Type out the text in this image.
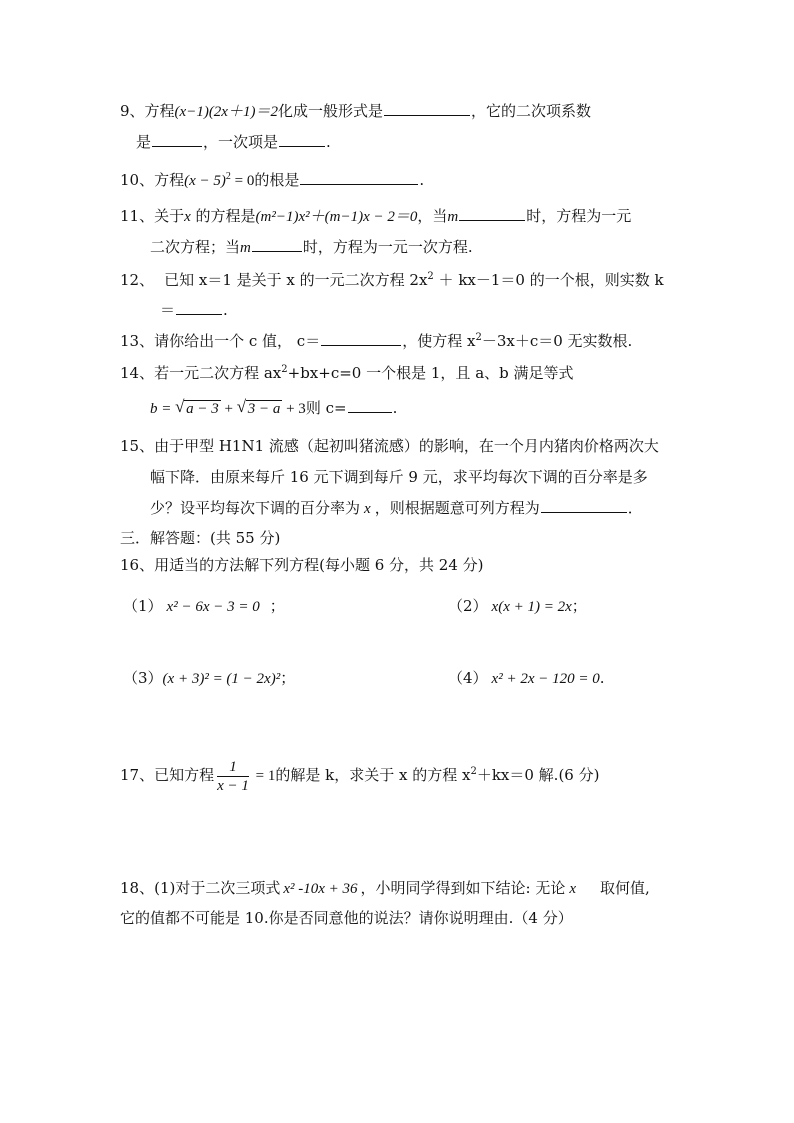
9、方程(x−1)(2x＋1)＝2化成一般形式是	，它的二次项系数
是	，一次项是	.
10、方程$(x - 5)^2 = 0$的根是	.
11、关于x 的方程是(m²−1)x²＋(m−1)x − 2＝0，当m	时，方程为一元
二次方程；当m	时，方程为一元一次方程.
12、 已知 x＝1 是关于 x 的一元二次方程 $2x^2 + kx-1=0$ 的一个根，则实数 k
＝	.
13、请你给出一个 c 值， c＝	，使方程 $x^2-3x+c=0$ 无实数根.
14、若一元二次方程 $ax^2+bx+c=0$ 一个根是 1，且 a、b 满足等式
b = √ a − 3 + √ 3 − a + 3则 c=	.
15、由于甲型 H1N1 流感（起初叫猪流感）的影响，在一个月内猪肉价格两次大
幅下降．由原来每斤 16 元下调到每斤 9 元，求平均每次下调的百分率是多
少？设平均每次下调的百分率为 x ，则根据题意可列方程为	．
三．解答题：(共 55 分)
16、用适当的方法解下列方程(每小题 6 分，共 24 分)
（1） x² − 6x − 3 = 0 ；	（2） x(x + 1) = 2x；
（3）(x + 3)² = (1 − 2x)²；	（4） x² + 2x − 120 = 0.
17、已知方程 $\frac{1}{x - 1} = 1$的解是 k，求关于 x 的方程 $x^2+kx=0$ 解.(6 分)
18、(1)对于二次三项式 x² -10x + 36 ，小明同学得到如下结论: 无论 x 取何值,
它的值都不可能是 10.你是否同意他的说法？请你说明理由.（4 分）
